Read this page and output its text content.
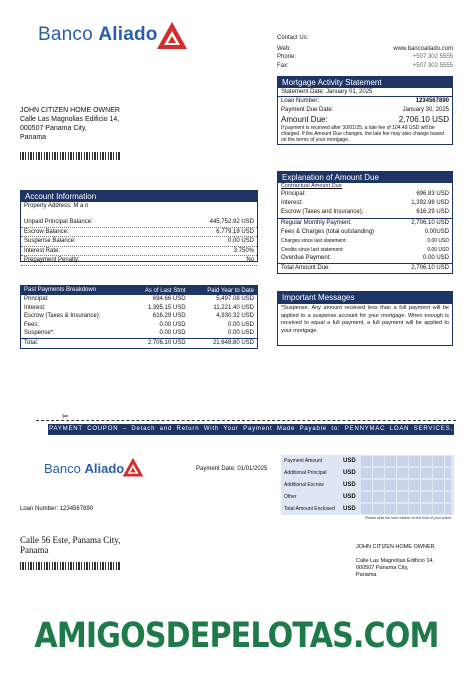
Banco Aliado	Contact Us:
Web:	www.bancoaliado.com
Phone:	+507 302 5555
Fax:	+507 302 5555
JOHN CITIZEN HOME OWNER
Calle Las Magnolias Edificio 14,
000507 Panama City,
Panama
Mortgage Activity Statement
Statement Date: January 01, 2025
Loan Number:	1234567890
Payment Due Date:	January 30, 2025
Amount Due:	2,706.10 USD
If payment is received after 30/01/25, a late fee of 104.49 USD will be charged. If the Amount Due changes, the late fee may also change based on the terms of your mortgage.
Explanation of Amount Due
Contractual Amount Due
Principal:	696.83 USD
Interest:	1,392.98 USD
Escrow (Taxes and Insurance):	616.29 USD
Regular Monthly Payment:	2,706.10 USD
Fees & Charges (total outstanding)	0.00USD
Charges since last statement:	0.00 USD
Credits since last statement:	0.00 USD
Overdue Payment:	0.00 USD
Total Amount Due:	2,706.10 USD
Account Information
Property Address: M a n
Unpaid Principal Balance:	445,752.92 USD
Escrow Balance:	6,779.19 USD
Suspense Balance:	0.00 USD
Interest Rate:	3.750%
Prepayment Penalty:	No
Past Payments Breakdown	As of Last Stmt	Paid Year to Date
Principal:	694.66 USD	5,497.08 USD
Interest:	1,395.15 USD	11,221.40 USD
Escrow (Taxes & Insurance):	616.29 USD	4,930.32 USD
Fees:	0.00 USD	0.00 USD
Suspense*:	0.00 USD	0.00 USD
Total:	2,706.10 USD	21,648.80 USD
Important Messages
*Suspense: Any amount received less than a full payment will be applied to a suspense account for your mortgage. When enough is received to equal a full payment, a full payment will be applied to your mortgage.
✂
PAYMENT COUPON – Detach and Return With Your Payment Made Payable to: PENNYMAC LOAN SERVICES, LLC
Banco Aliado	Payment Date: 01/01/2025
Loan Number: 1234567890
Payment Amount	USD
Additional Principal	USD
Additional Escrow	USD
Other	USD
Total Amount Enclosed	USD
Please write the loan number on the front of your check.
Calle 56 Este, Panama City,
Panama	JOHN CITIZEN HOME OWNER
Calle Las Magnolias Edificio 14,
000507 Panama City,
Panama
AMIGOSDEPELOTAS.COM
